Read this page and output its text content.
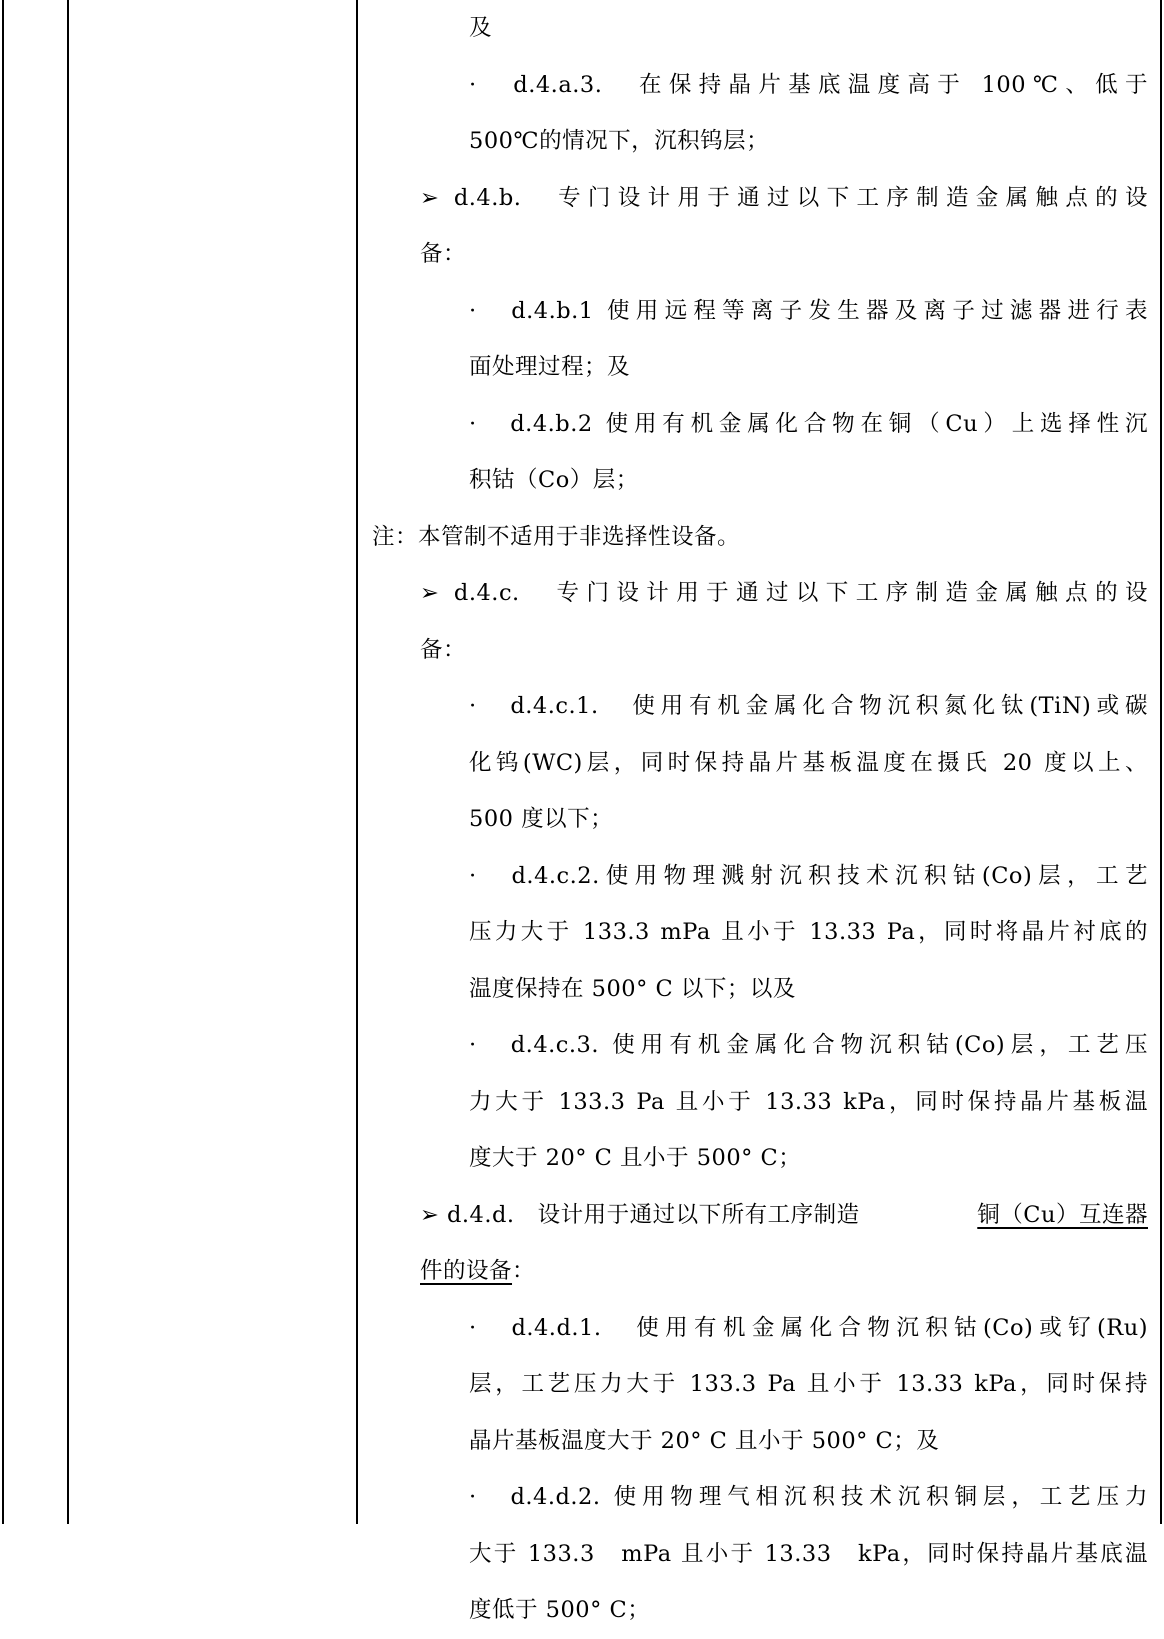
及
·　d.4.a.3.　在保持晶片基底温度高于 100℃、低于
500℃的情况下，沉积钨层；
➢ d.4.b.　专门设计用于通过以下工序制造金属触点的设
备：
·　d.4.b.1 使用远程等离子发生器及离子过滤器进行表
面处理过程；及
·　d.4.b.2 使用有机金属化合物在铜（Cu）上选择性沉
积钴（Co）层；
注：本管制不适用于非选择性设备。
➢ d.4.c.　专门设计用于通过以下工序制造金属触点的设
备：
·　d.4.c.1.　使用有机金属化合物沉积氮化钛(TiN)或碳
化钨(WC)层，同时保持晶片基板温度在摄氏 20 度以上、
500 度以下；
·　d.4.c.2.使用物理溅射沉积技术沉积钴(Co)层，工艺
压力大于 133.3 mPa 且小于 13.33 Pa，同时将晶片衬底的
温度保持在 500° C 以下；以及
·　d.4.c.3. 使用有机金属化合物沉积钴(Co)层，工艺压
力大于 133.3 Pa 且小于 13.33 kPa，同时保持晶片基板温
度大于 20° C 且小于 500° C；
➢ d.4.d.　设计用于通过以下所有工序制造	铜（Cu）互连器
件的设备：
·　d.4.d.1.　使用有机金属化合物沉积钴(Co)或钌(Ru)
层，工艺压力大于 133.3 Pa 且小于 13.33 kPa，同时保持
晶片基板温度大于 20° C 且小于 500° C；及
·　d.4.d.2. 使用物理气相沉积技术沉积铜层，工艺压力
大于 133.3　mPa 且小于 13.33　kPa，同时保持晶片基底温
度低于 500° C；
